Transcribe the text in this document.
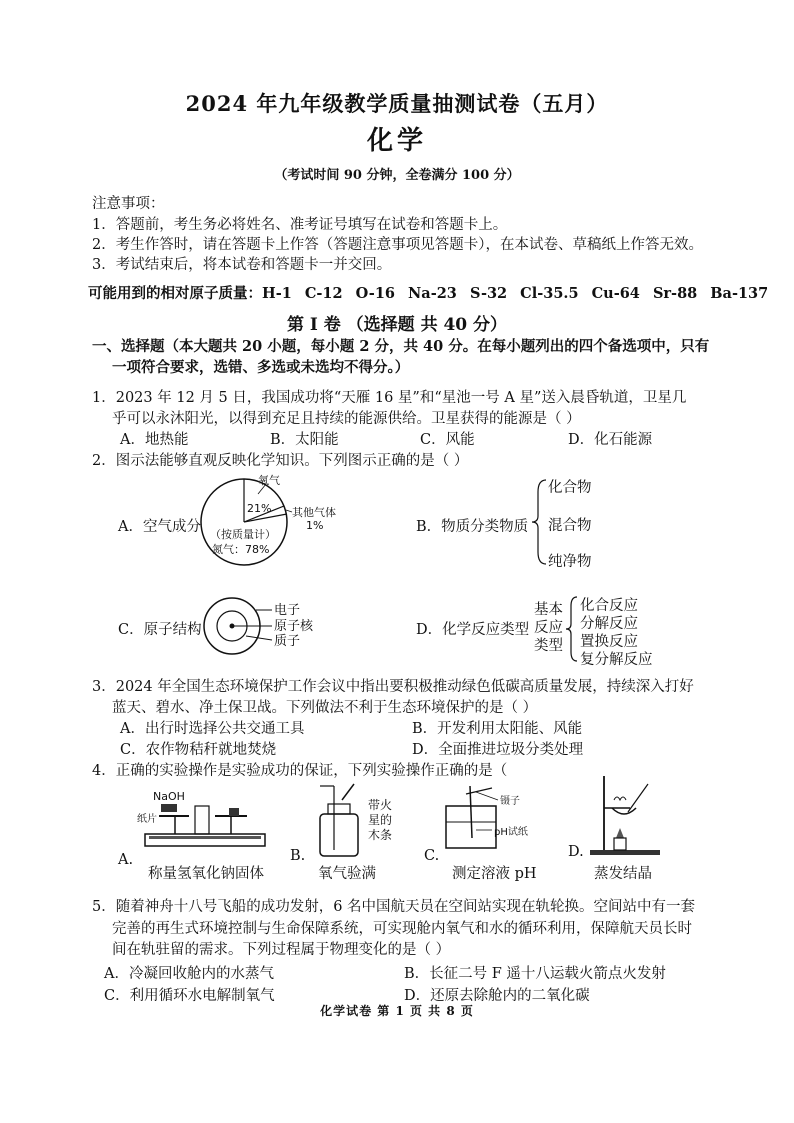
2024 年九年级教学质量抽测试卷（五月）
化学
（考试时间 90 分钟，全卷满分 100 分）
注意事项：
1．答题前，考生务必将姓名、准考证号填写在试卷和答题卡上。
2．考生作答时，请在答题卡上作答（答题注意事项见答题卡），在本试卷、草稿纸上作答无效。
3．考试结束后，将本试卷和答题卡一并交回。
可能用到的相对原子质量：H-1 C-12 O-16 Na-23 S-32 Cl-35.5 Cu-64 Sr-88 Ba-137
第 I 卷 （选择题 共 40 分）
一、选择题（本大题共 20 小题，每小题 2 分，共 40 分。在每小题列出的四个备选项中，只有
一项符合要求，选错、多选或未选均不得分。）
1．2023 年 12 月 5 日，我国成功将“天雁 16 星”和“星池一号 A 星”送入晨昏轨道，卫星几
乎可以永沐阳光，以得到充足且持续的能源供给。卫星获得的能源是（ ）
A．地热能	B．太阳能	C．风能	D．化石能源
2．图示法能够直观反映化学知识。下列图示正确的是（ ）
A．空气成分
氧气
21% 其他气体
1%
（按质量计）
氮气：78%
B．物质分类物质
化合物
混合物
纯净物
C．原子结构
电子
原子核
质子
D．化学反应类型
基本
反应
类型
化合反应
分解反应
置换反应
复分解反应
3．2024 年全国生态环境保护工作会议中指出要积极推动绿色低碳高质量发展，持续深入打好
蓝天、碧水、净土保卫战。下列做法不利于生态环境保护的是（ ）
A．出行时选择公共交通工具	B．开发利用太阳能、风能
C．农作物秸秆就地焚烧	D．全面推进垃圾分类处理
4．正确的实验操作是实验成功的保证，下列实验操作正确的是（
NaOH
纸片
A.
称量氢氧化钠固体
带火星的木条
B.
氧气验满
镊子
pH试纸
C.
测定溶液 pH
D.
蒸发结晶
5．随着神舟十八号飞船的成功发射，6 名中国航天员在空间站实现在轨轮换。空间站中有一套
完善的再生式环境控制与生命保障系统，可实现舱内氧气和水的循环利用，保障航天员长时
间在轨驻留的需求。下列过程属于物理变化的是（ ）
A．冷凝回收舱内的水蒸气	B．长征二号 F 遥十八运载火箭点火发射
C．利用循环水电解制氧气	D．还原去除舱内的二氧化碳
化学试卷 第 1 页 共 8 页
